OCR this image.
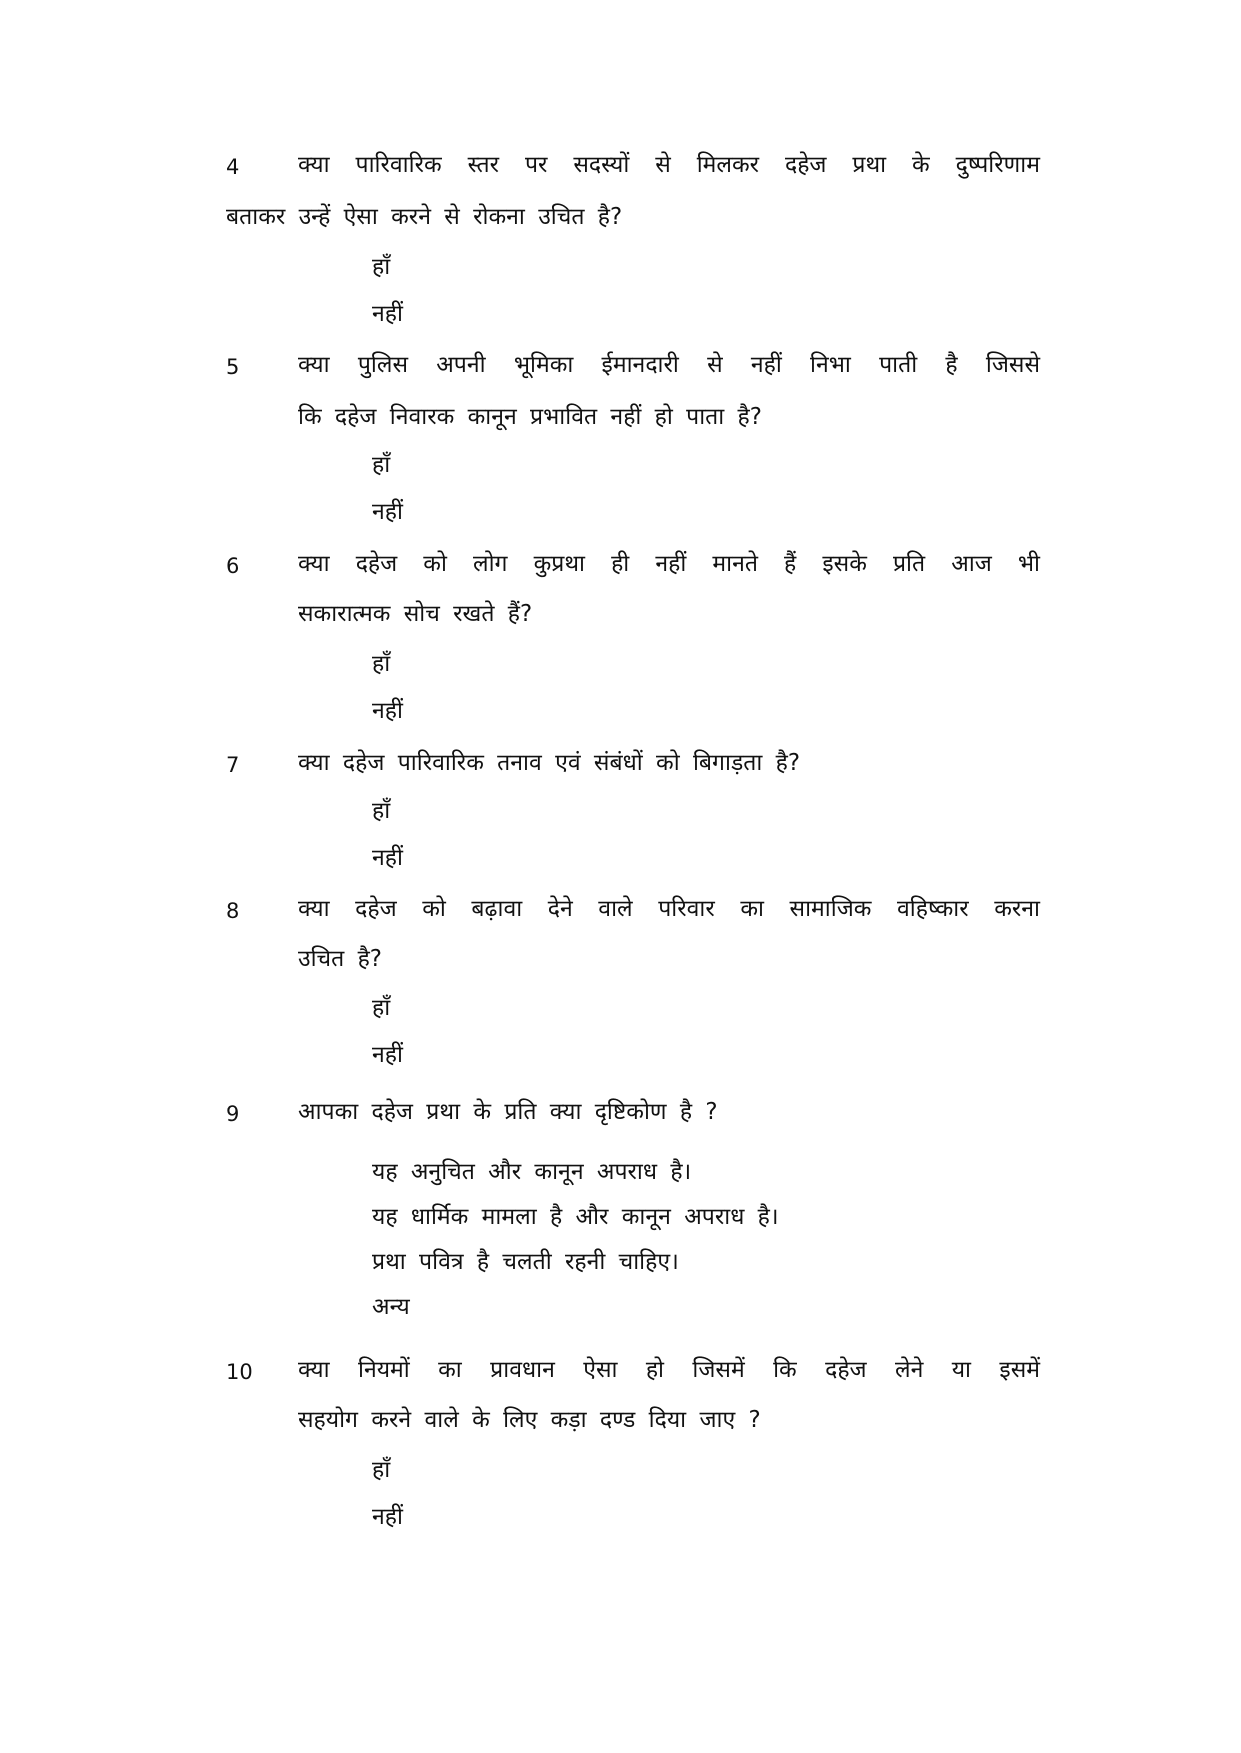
4	क्या पारिवारिक स्तर पर सदस्यों से मिलकर दहेज प्रथा के दुष्परिणाम
बताकर उन्हें ऐसा करने से रोकना उचित है?
हाँ
नहीं
5	क्या पुलिस अपनी भूमिका ईमानदारी से नहीं निभा पाती है जिससे
कि दहेज निवारक कानून प्रभावित नहीं हो पाता है?
हाँ
नहीं
6	क्या दहेज को लोग कुप्रथा ही नहीं मानते हैं इसके प्रति आज भी
सकारात्मक सोच रखते हैं?
हाँ
नहीं
7	क्या दहेज पारिवारिक तनाव एवं संबंधों को बिगाड़ता है?
हाँ
नहीं
8	क्या दहेज को बढ़ावा देने वाले परिवार का सामाजिक वहिष्कार करना
उचित है?
हाँ
नहीं
9	आपका दहेज प्रथा के प्रति क्या दृष्टिकोण है ?
यह अनुचित और कानून अपराध है।
यह धार्मिक मामला है और कानून अपराध है।
प्रथा पवित्र है चलती रहनी चाहिए।
अन्य
10 क्या नियमों का प्रावधान ऐसा हो जिसमें कि दहेज लेने या इसमें
सहयोग करने वाले के लिए कड़ा दण्ड दिया जाए ?
हाँ
नहीं
